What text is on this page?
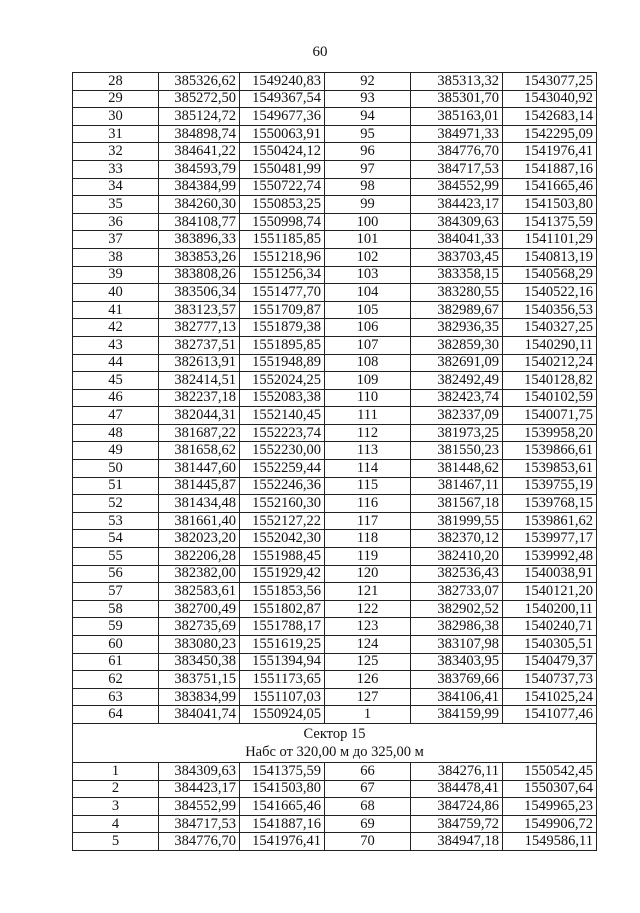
60
28	385326,62	1549240,83	92	385313,32	1543077,25
29	385272,50	1549367,54	93	385301,70	1543040,92
30	385124,72	1549677,36	94	385163,01	1542683,14
31	384898,74	1550063,91	95	384971,33	1542295,09
32	384641,22	1550424,12	96	384776,70	1541976,41
33	384593,79	1550481,99	97	384717,53	1541887,16
34	384384,99	1550722,74	98	384552,99	1541665,46
35	384260,30	1550853,25	99	384423,17	1541503,80
36	384108,77	1550998,74	100	384309,63	1541375,59
37	383896,33	1551185,85	101	384041,33	1541101,29
38	383853,26	1551218,96	102	383703,45	1540813,19
39	383808,26	1551256,34	103	383358,15	1540568,29
40	383506,34	1551477,70	104	383280,55	1540522,16
41	383123,57	1551709,87	105	382989,67	1540356,53
42	382777,13	1551879,38	106	382936,35	1540327,25
43	382737,51	1551895,85	107	382859,30	1540290,11
44	382613,91	1551948,89	108	382691,09	1540212,24
45	382414,51	1552024,25	109	382492,49	1540128,82
46	382237,18	1552083,38	110	382423,74	1540102,59
47	382044,31	1552140,45	111	382337,09	1540071,75
48	381687,22	1552223,74	112	381973,25	1539958,20
49	381658,62	1552230,00	113	381550,23	1539866,61
50	381447,60	1552259,44	114	381448,62	1539853,61
51	381445,87	1552246,36	115	381467,11	1539755,19
52	381434,48	1552160,30	116	381567,18	1539768,15
53	381661,40	1552127,22	117	381999,55	1539861,62
54	382023,20	1552042,30	118	382370,12	1539977,17
55	382206,28	1551988,45	119	382410,20	1539992,48
56	382382,00	1551929,42	120	382536,43	1540038,91
57	382583,61	1551853,56	121	382733,07	1540121,20
58	382700,49	1551802,87	122	382902,52	1540200,11
59	382735,69	1551788,17	123	382986,38	1540240,71
60	383080,23	1551619,25	124	383107,98	1540305,51
61	383450,38	1551394,94	125	383403,95	1540479,37
62	383751,15	1551173,65	126	383769,66	1540737,73
63	383834,99	1551107,03	127	384106,41	1541025,24
64	384041,74	1550924,05	1	384159,99	1541077,46

Сектор 15
Набс от 320,00 м до 325,00 м					

1	384309,63	1541375,59	66	384276,11	1550542,45
2	384423,17	1541503,80	67	384478,41	1550307,64
3	384552,99	1541665,46	68	384724,86	1549965,23
4	384717,53	1541887,16	69	384759,72	1549906,72
5	384776,70	1541976,41	70	384947,18	1549586,11
